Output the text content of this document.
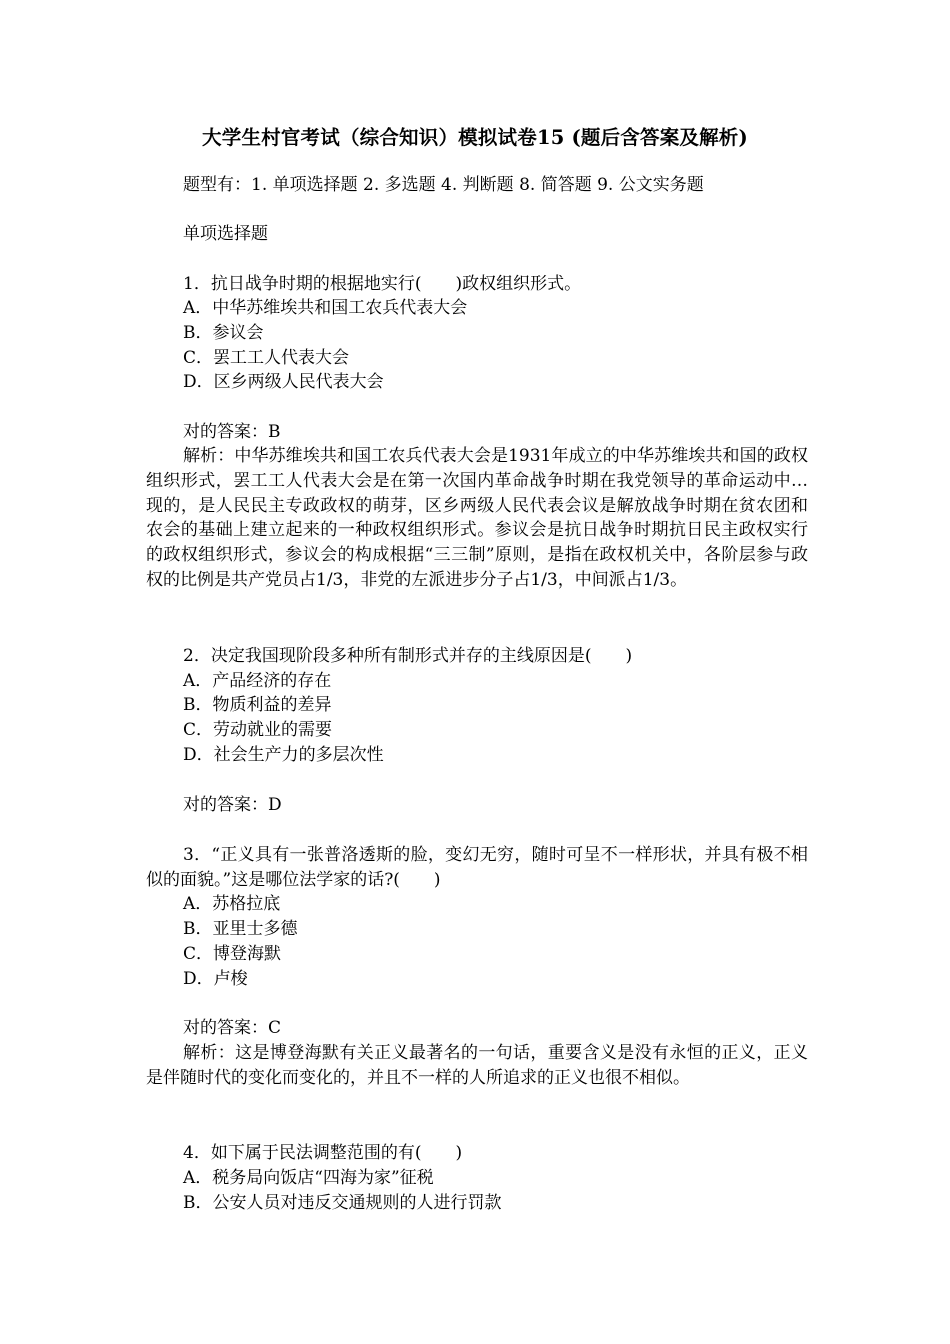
大学生村官考试（综合知识）模拟试卷15 (题后含答案及解析)
题型有：1. 单项选择题 2. 多选题 4. 判断题 8. 简答题 9. 公文实务题
单项选择题
1．抗日战争时期的根据地实行(　　)政权组织形式。
A．中华苏维埃共和国工农兵代表大会
B．参议会
C．罢工工人代表大会
D．区乡两级人民代表大会
对的答案：B
解析：中华苏维埃共和国工农兵代表大会是1931年成立的中华苏维埃共和国的政权组织形式，罢工工人代表大会是在第一次国内革命战争时期在我党领导的革命运动中…现的，是人民民主专政政权的萌芽，区乡两级人民代表会议是解放战争时期在贫农团和农会的基础上建立起来的一种政权组织形式。参议会是抗日战争时期抗日民主政权实行的政权组织形式，参议会的构成根据“三三制”原则，是指在政权机关中，各阶层参与政权的比例是共产党员占1/3，非党的左派进步分子占1/3，中间派占1/3。
2．决定我国现阶段多种所有制形式并存的主线原因是(　　)
A．产品经济的存在
B．物质利益的差异
C．劳动就业的需要
D．社会生产力的多层次性
对的答案：D
3．“正义具有一张普洛透斯的脸，变幻无穷，随时可呈不一样形状，并具有极不相似的面貌。”这是哪位法学家的话?(　　)
A．苏格拉底
B．亚里士多德
C．博登海默
D．卢梭
对的答案：C
解析：这是博登海默有关正义最著名的一句话，重要含义是没有永恒的正义，正义是伴随时代的变化而变化的，并且不一样的人所追求的正义也很不相似。
4．如下属于民法调整范围的有(　　)
A．税务局向饭店“四海为家”征税
B．公安人员对违反交通规则的人进行罚款
